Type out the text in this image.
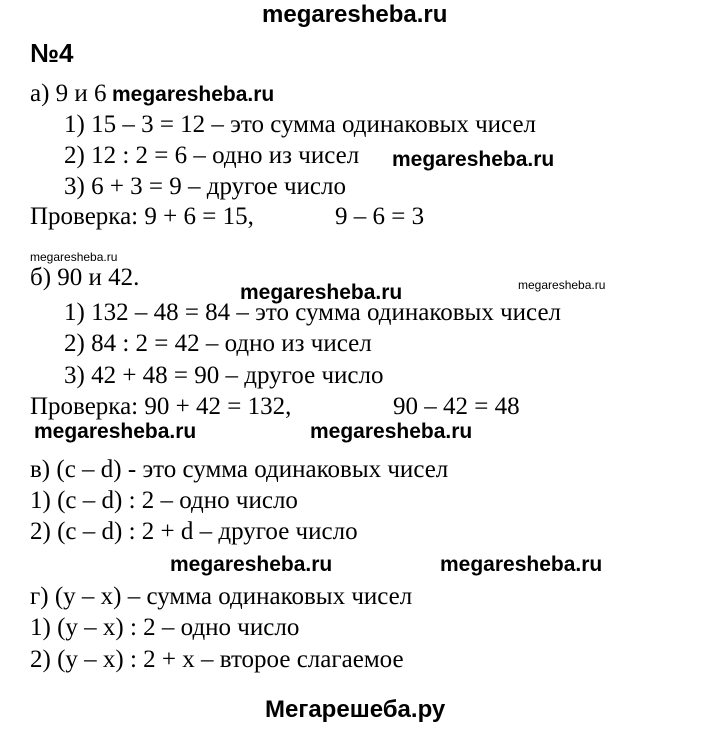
megaresheba.ru
№4
а) 9 и 6 megaresheba.ru
1) 15 – 3 = 12 – это сумма одинаковых чисел
2) 12 : 2 = 6 – одно из чисел megaresheba.ru
3) 6 + 3 = 9 – другое число
Проверка: 9 + 6 = 15,	9 – 6 = 3
megaresheba.ru
б) 90 и 42.	megaresheba.ru
megaresheba.ru
1) 132 – 48 = 84 – это сумма одинаковых чисел
2) 84 : 2 = 42 – одно из чисел
3) 42 + 48 = 90 – другое число
Проверка: 90 + 42 = 132,	90 – 42 = 48
megaresheba.ru	megaresheba.ru
в) (c – d) - это сумма одинаковых чисел
1) (c – d) : 2 – одно число
2) (c – d) : 2 + d – другое число
megaresheba.ru	megaresheba.ru
г) (y – x) – сумма одинаковых чисел
1) (y – x) : 2 – одно число
2) (y – x) : 2 + x – второе слагаемое
Мегарешеба.ру
